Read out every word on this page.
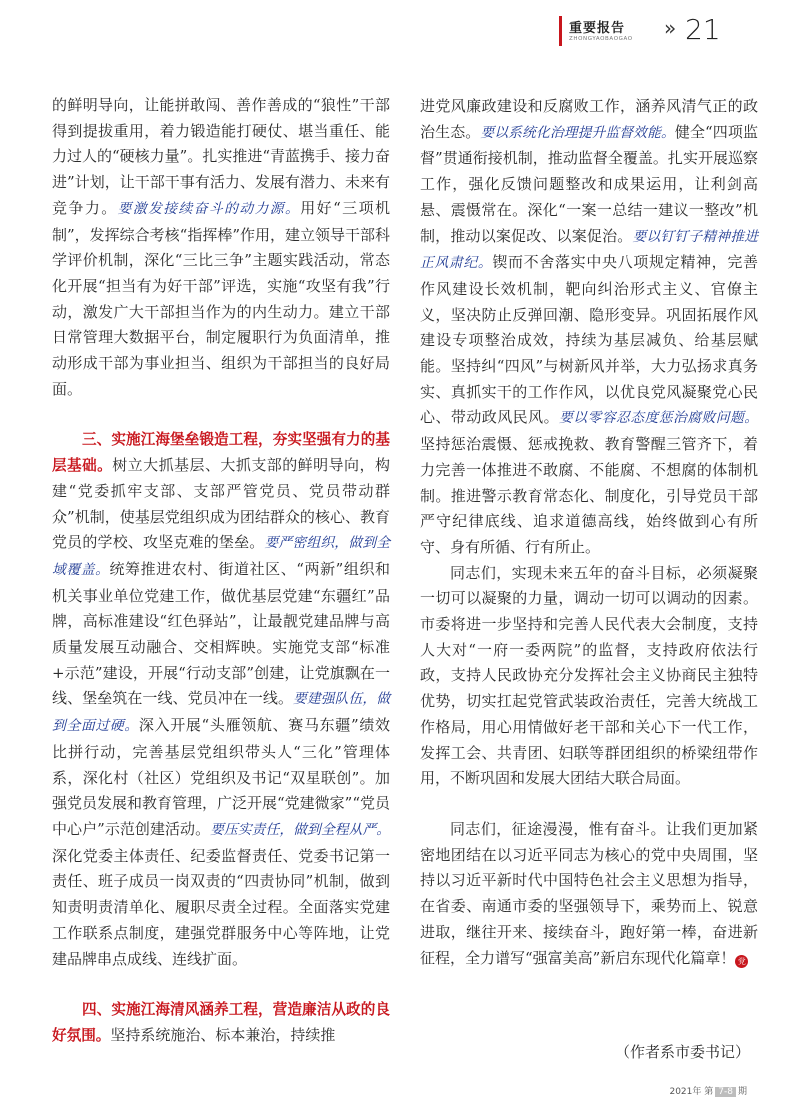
重要报告
ZHONGYAOBAOGAO » 21

的鲜明导向，让能拼敢闯、善作善成的“狼性”干部得到提拔重用，着力锻造能打硬仗、堪当重任、能力过人的“硬核力量”。扎实推进“青蓝携手、接力奋进”计划，让干部干事有活力、发展有潜力、未来有竞争力。要激发接续奋斗的动力源。用好“三项机制”，发挥综合考核“指挥棒”作用，建立领导干部科学评价机制，深化“三比三争”主题实践活动，常态化开展“担当有为好干部”评选，实施“攻坚有我”行动，激发广大干部担当作为的内生动力。建立干部日常管理大数据平台，制定履职行为负面清单，推动形成干部为事业担当、组织为干部担当的良好局面。

三、实施江海堡垒锻造工程，夯实坚强有力的基层基础。树立大抓基层、大抓支部的鲜明导向，构建“党委抓牢支部、支部严管党员、党员带动群众”机制，使基层党组织成为团结群众的核心、教育党员的学校、攻坚克难的堡垒。要严密组织，做到全域覆盖。统筹推进农村、街道社区、“两新”组织和机关事业单位党建工作，做优基层党建“东疆红”品牌，高标准建设“红色驿站”，让最靓党建品牌与高质量发展互动融合、交相辉映。实施党支部“标准+示范”建设，开展“行动支部”创建，让党旗飘在一线、堡垒筑在一线、党员冲在一线。要建强队伍，做到全面过硬。深入开展“头雁领航、赛马东疆”绩效比拼行动，完善基层党组织带头人“三化”管理体系，深化村（社区）党组织及书记“双星联创”。加强党员发展和教育管理，广泛开展“党建微家”“党员中心户”示范创建活动。要压实责任，做到全程从严。深化党委主体责任、纪委监督责任、党委书记第一责任、班子成员一岗双责的“四责协同”机制，做到知责明责清单化、履职尽责全过程。全面落实党建工作联系点制度，建强党群服务中心等阵地，让党建品牌串点成线、连线扩面。

四、实施江海清风涵养工程，营造廉洁从政的良好氛围。坚持系统施治、标本兼治，持续推

进党风廉政建设和反腐败工作，涵养风清气正的政治生态。要以系统化治理提升监督效能。健全“四项监督”贯通衔接机制，推动监督全覆盖。扎实开展巡察工作，强化反馈问题整改和成果运用，让利剑高悬、震慑常在。深化“一案一总结一建议一整改”机制，推动以案促改、以案促治。要以钉钉子精神推进正风肃纪。锲而不舍落实中央八项规定精神，完善作风建设长效机制，靶向纠治形式主义、官僚主义，坚决防止反弹回潮、隐形变异。巩固拓展作风建设专项整治成效，持续为基层减负、给基层赋能。坚持纠“四风”与树新风并举，大力弘扬求真务实、真抓实干的工作作风，以优良党风凝聚党心民心、带动政风民风。要以零容忍态度惩治腐败问题。坚持惩治震慑、惩戒挽救、教育警醒三管齐下，着力完善一体推进不敢腐、不能腐、不想腐的体制机制。推进警示教育常态化、制度化，引导党员干部严守纪律底线、追求道德高线，始终做到心有所守、身有所循、行有所止。

同志们，实现未来五年的奋斗目标，必须凝聚一切可以凝聚的力量，调动一切可以调动的因素。市委将进一步坚持和完善人民代表大会制度，支持人大对“一府一委两院”的监督，支持政府依法行政，支持人民政协充分发挥社会主义协商民主独特优势，切实扛起党管武装政治责任，完善大统战工作格局，用心用情做好老干部和关心下一代工作，发挥工会、共青团、妇联等群团组织的桥梁纽带作用，不断巩固和发展大团结大联合局面。

同志们，征途漫漫，惟有奋斗。让我们更加紧密地团结在以习近平同志为核心的党中央周围，坚持以习近平新时代中国特色社会主义思想为指导，在省委、南通市委的坚强领导下，乘势而上、锐意进取，继往开来、接续奋斗，跑好第一棒，奋进新征程，全力谱写“强富美高”新启东现代化篇章！ 党

（作者系市委书记）
2021年 第 7-8 期
